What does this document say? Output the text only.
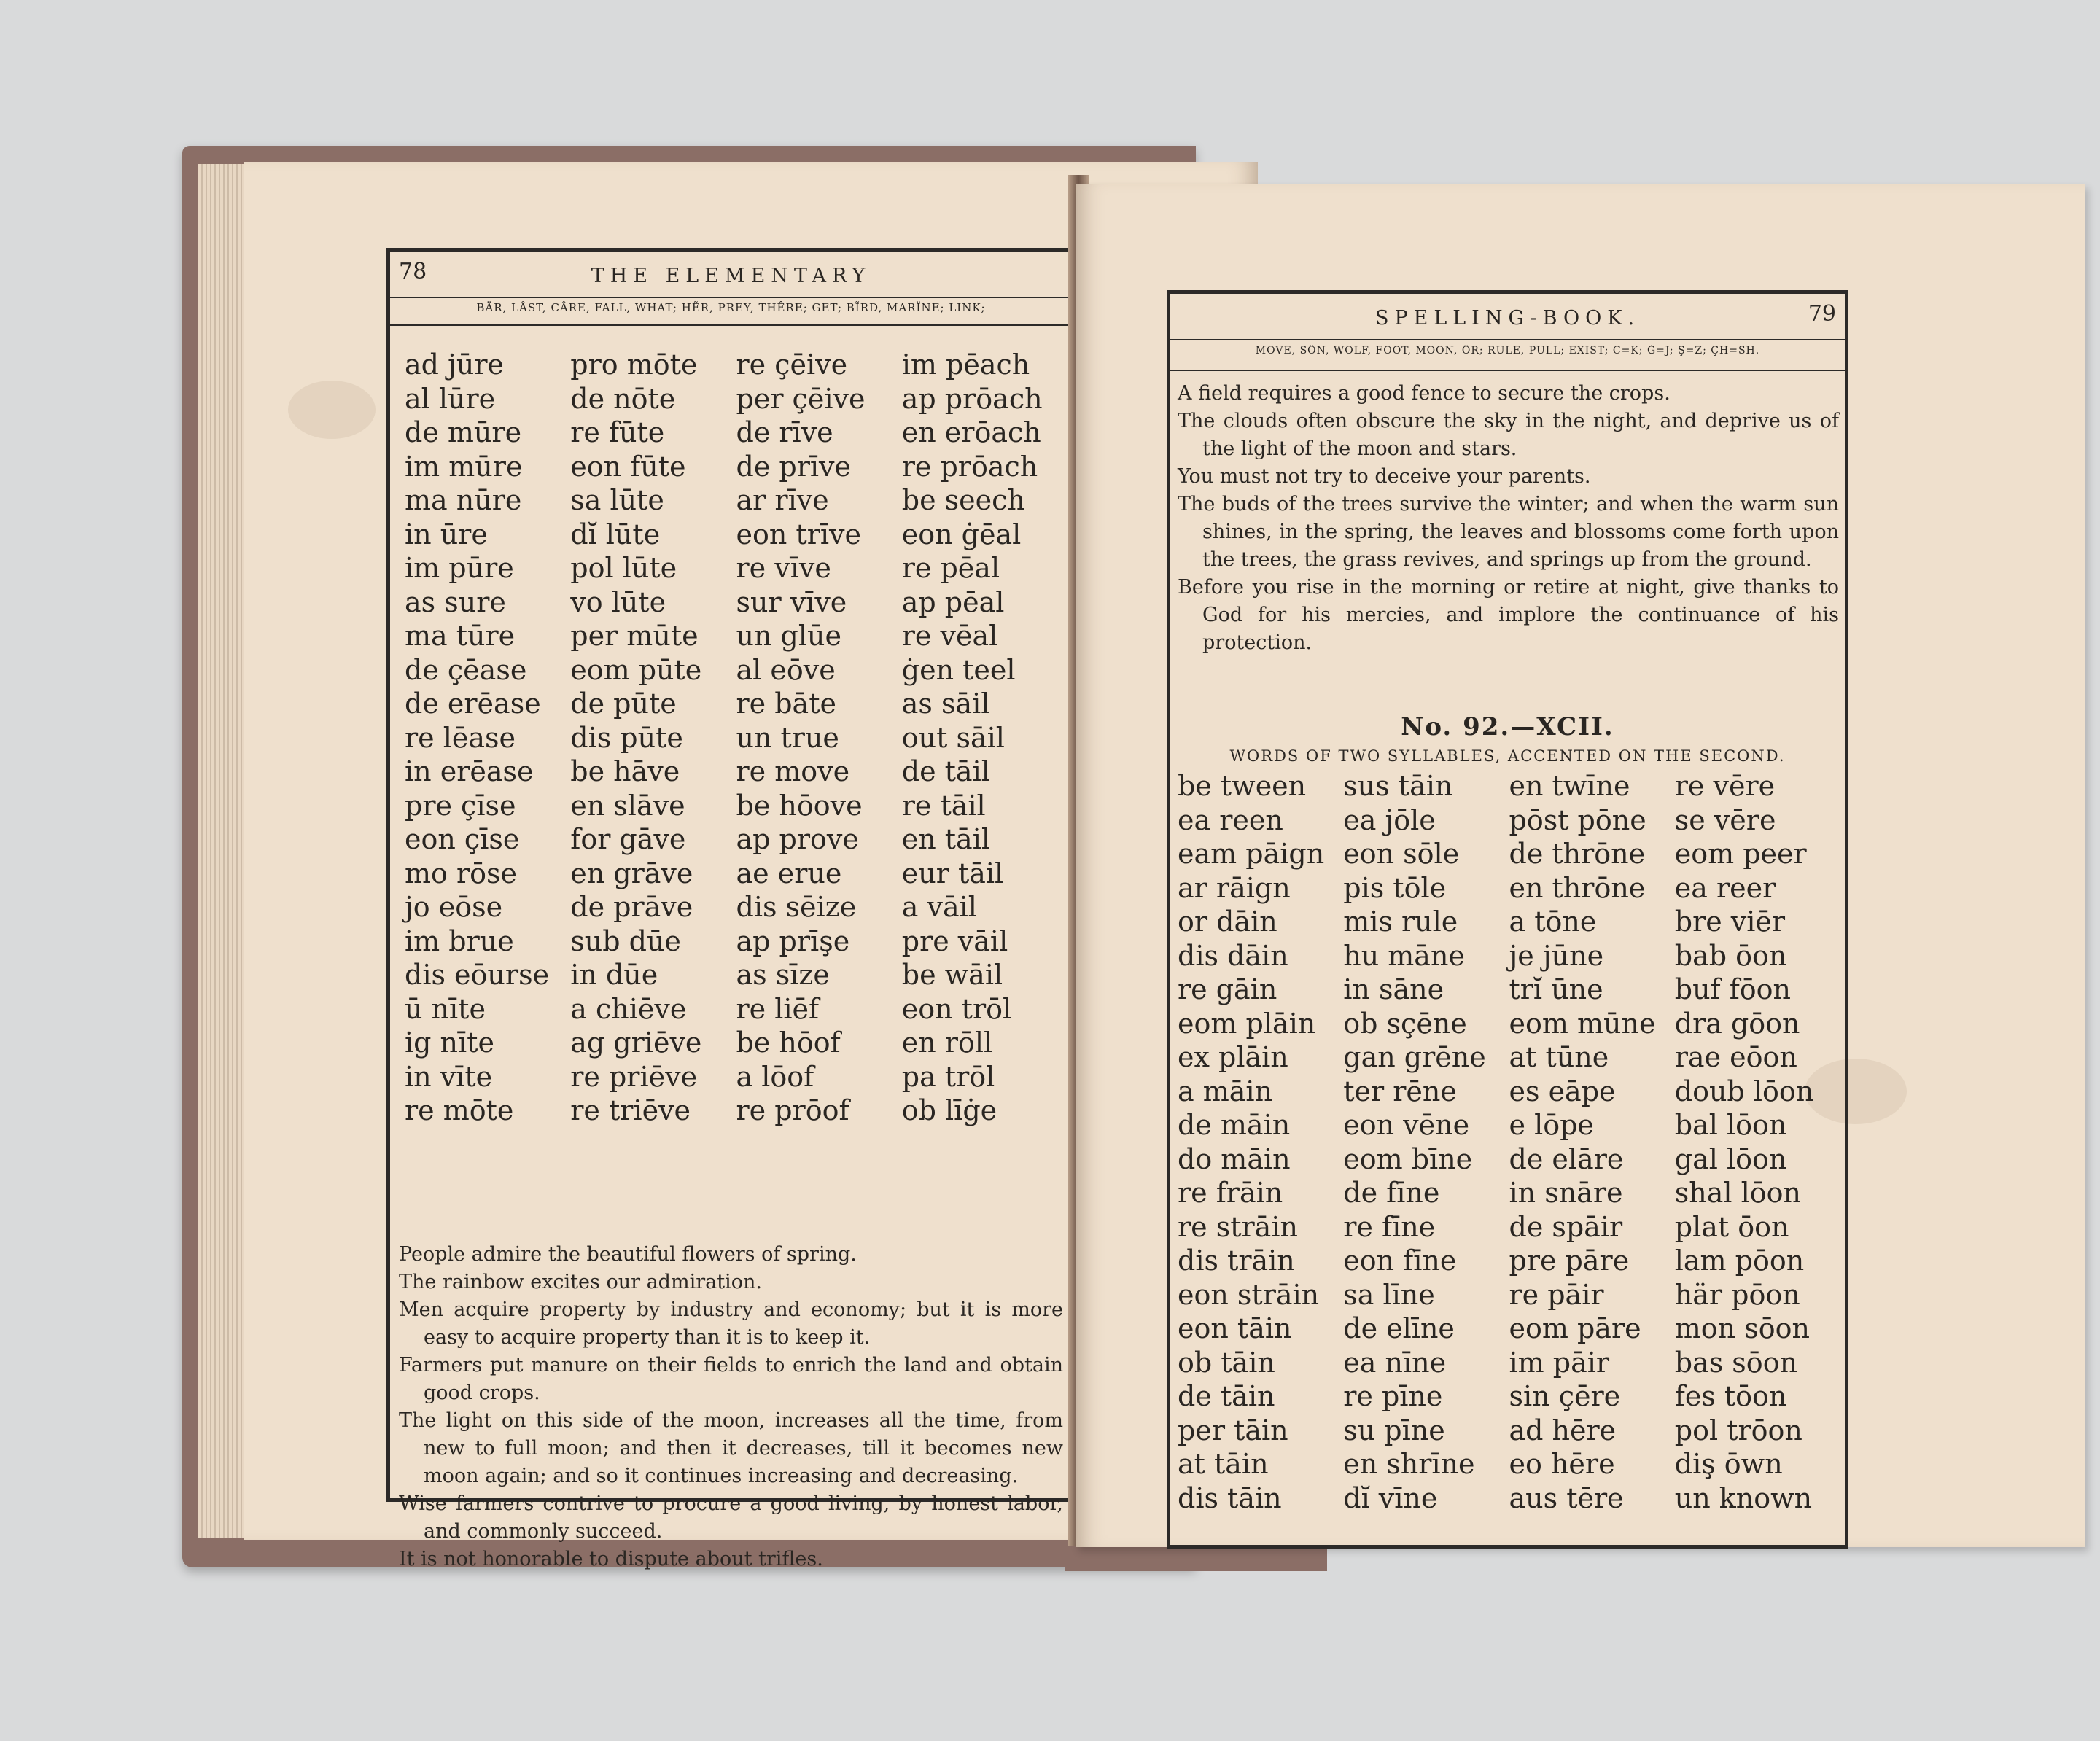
78	THE ELEMENTARY
BÄR, LÅST, CÂRE, FALL, WHAT; HẼR, PREY, THÊRE; GET; BĨRD, MARÏNE; LINK;
ad jūre
al lūre
de mūre
im mūre
ma nūre
in ūre
im pūre
as sure
ma tūre
de çēase
de erēase
re lēase
in erēase
pre çīse
eon çīse
mo rōse
jo eōse
im brue
dis eōurse
ū nīte
ig nīte
in vīte
re mōte
pro mōte
de nōte
re fūte
eon fūte
sa lūte
dĭ lūte
pol lūte
vo lūte
per mūte
eom pūte
de pūte
dis pūte
be hāve
en slāve
for gāve
en grāve
de prāve
sub dūe
in dūe
a chiēve
ag griēve
re priēve
re triēve
re çēive
per çēive
de rīve
de prīve
ar rīve
eon trīve
re vīve
sur vīve
un glūe
al eōve
re bāte
un true
re move
be hōove
ap prove
ae erue
dis sēize
ap prīşe
as sīze
re liēf
be hōof
a lōof
re prōof
im pēach
ap prōach
en erōach
re prōach
be seech
eon ġēal
re pēal
ap pēal
re vēal
ġen teel
as sāil
out sāil
de tāil
re tāil
en tāil
eur tāil
a vāil
pre vāil
be wāil
eon trōl
en rōll
pa trōl
ob līġe

People admire the beautiful flowers of spring.

The rainbow excites our admiration.

Men acquire property by industry and economy; but it is more easy to acquire property than it is to keep it.

Farmers put manure on their fields to enrich the land and obtain good crops.

The light on this side of the moon, increases all the time, from new to full moon; and then it decreases, till it becomes new moon again; and so it continues increasing and decreasing.

Wise farmers contrive to procure a good living, by honest labor, and commonly succeed.

It is not honorable to dispute about trifles.

SPELLING-BOOK.	79
MOVE, SÔN, WOLF, FOOT, MOON, ÔR; RULE, PULL; EXIST; C=K; Ġ=J; Ş=Z; ÇH=SH.

A field requires a good fence to secure the crops.

The clouds often obscure the sky in the night, and deprive us of the light of the moon and stars.

You must not try to deceive your parents.

The buds of the trees survive the winter; and when the warm sun shines, in the spring, the leaves and blossoms come forth upon the trees, the grass revives, and springs up from the ground.

Before you rise in the morning or retire at night, give thanks to God for his mercies, and implore the continuance of his protection.

No. 92.—XCII.
WORDS OF TWO SYLLABLES, ACCENTED ON THE SECOND.
be tween
ea reen
eam pāign
ar rāign
or dāin
dis dāin
re gāin
eom plāin
ex plāin
a māin
de māin
do māin
re frāin
re strāin
dis trāin
eon strāin
eon tāin
ob tāin
de tāin
per tāin
at tāin
dis tāin
sus tāin
ea jōle
eon sōle
pis tōle
mis rule
hu māne
in sāne
ob sçēne
gan grēne
ter rēne
eon vēne
eom bīne
de fīne
re fīne
eon fīne
sa līne
de elīne
ea nīne
re pīne
su pīne
en shrīne
dĭ vīne
en twīne
pōst pōne
de thrōne
en thrōne
a tōne
je jūne
trĭ ūne
eom mūne
at tūne
es eāpe
e lōpe
de elāre
in snāre
de spāir
pre pāre
re pāir
eom pāre
im pāir
sin çēre
ad hēre
eo hēre
aus tēre
re vēre
se vēre
eom peer
ea reer
bre viēr
bab ōon
buf fōon
dra gōon
rae eōon
doub lōon
bal lōon
gal lōon
shal lōon
plat ōon
lam pōon
här pōon
mon sōon
bas sōon
fes tōon
pol trōon
diş ōwn
un known
